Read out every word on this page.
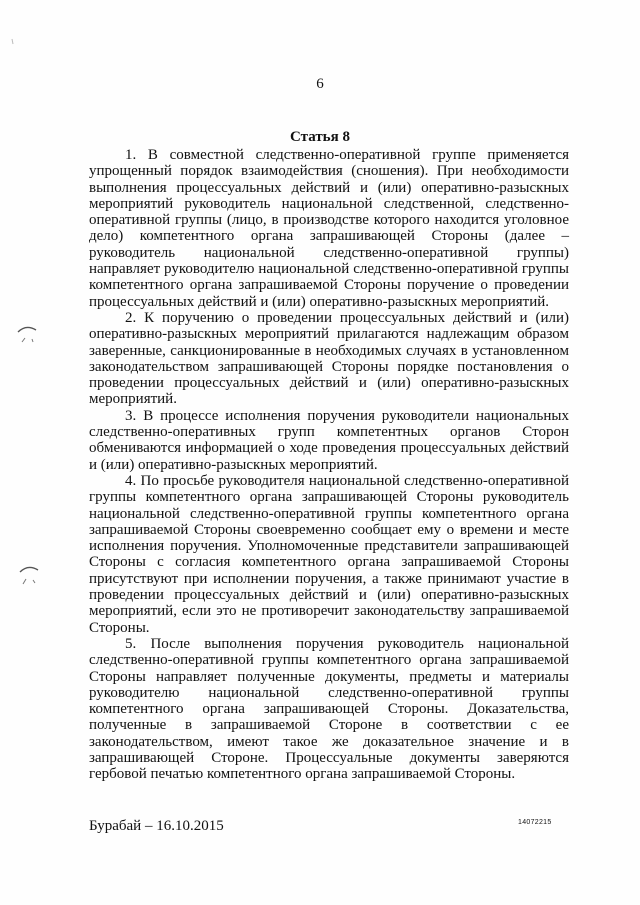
6
Статья 8

1. В совместной следственно-оперативной группе применяется упрощенный порядок взаимодействия (сношения). При необходимости выполнения процессуальных действий и (или) оперативно-разыскных мероприятий руководитель национальной следственной, следственно-оперативной группы (лицо, в производстве которого находится уголовное дело) компетентного органа запрашивающей Стороны (далее – руководитель национальной следственно-оперативной группы) направляет руководителю национальной следственно-оперативной группы компетентного органа запрашиваемой Стороны поручение о проведении процессуальных действий и (или) оперативно-разыскных мероприятий.

2. К поручению о проведении процессуальных действий и (или) оперативно-разыскных мероприятий прилагаются надлежащим образом заверенные, санкционированные в необходимых случаях в установленном законодательством запрашивающей Стороны порядке постановления о проведении процессуальных действий и (или) оперативно-разыскных мероприятий.

3. В процессе исполнения поручения руководители национальных следственно-оперативных групп компетентных органов Сторон обмениваются информацией о ходе проведения процессуальных действий и (или) оперативно-разыскных мероприятий.

4. По просьбе руководителя национальной следственно-оперативной группы компетентного органа запрашивающей Стороны руководитель национальной следственно-оперативной группы компетентного органа запрашиваемой Стороны своевременно сообщает ему о времени и месте исполнения поручения. Уполномоченные представители запрашивающей Стороны с согласия компетентного органа запрашиваемой Стороны присутствуют при исполнении поручения, а также принимают участие в проведении процессуальных действий и (или) оперативно-разыскных мероприятий, если это не противоречит законодательству запрашиваемой Стороны.

5. После выполнения поручения руководитель национальной следственно-оперативной группы компетентного органа запрашиваемой Стороны направляет полученные документы, предметы и материалы руководителю национальной следственно-оперативной группы компетентного органа запрашивающей Стороны. Доказательства, полученные в запрашиваемой Стороне в соответствии с ее законодательством, имеют такое же доказательное значение и в запрашивающей Стороне. Процессуальные документы заверяются гербовой печатью компетентного органа запрашиваемой Стороны.

Бурабай – 16.10.2015	14072215
